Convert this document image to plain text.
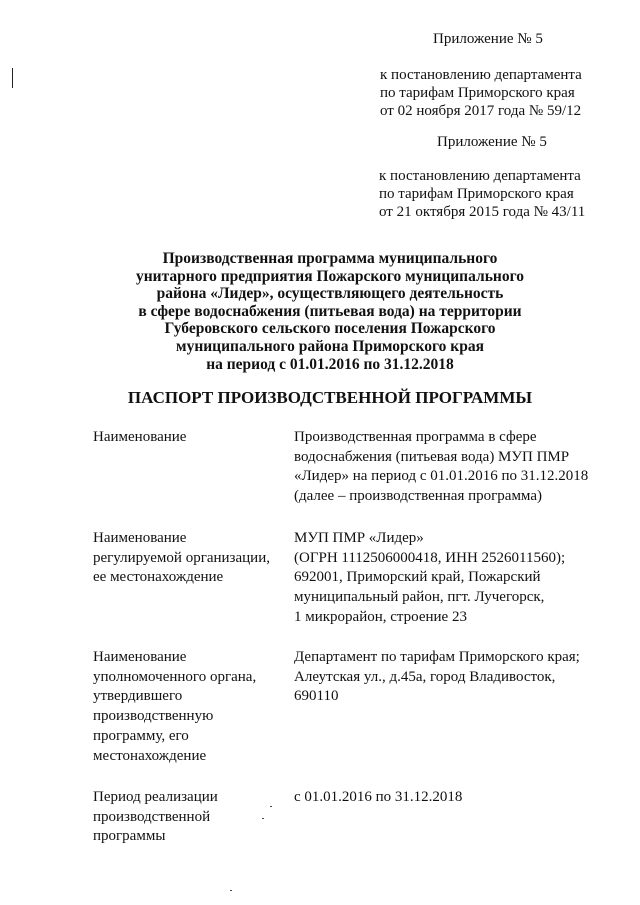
Приложение № 5
к постановлению департамента
по тарифам Приморского края
от 02 ноября 2017 года № 59/12
Приложение № 5
к постановлению департамента
по тарифам Приморского края
от 21 октября 2015 года № 43/11
Производственная программа муниципального
унитарного предприятия Пожарского муниципального
района «Лидер», осуществляющего деятельность
в сфере водоснабжения (питьевая вода) на территории
Губеровского сельского поселения Пожарского
муниципального района Приморского края
на период с 01.01.2016 по 31.12.2018
ПАСПОРТ ПРОИЗВОДСТВЕННОЙ ПРОГРАММЫ
Наименование	Производственная программа в сфере
водоснабжения (питьевая вода) МУП ПМР
«Лидер» на период с 01.01.2016 по 31.12.2018
(далее – производственная программа)
Наименование
регулируемой организации,
ее местонахождение
МУП ПМР «Лидер»
(ОГРН 1112506000418, ИНН 2526011560);
692001, Приморский край, Пожарский
муниципальный район, пгт. Лучегорск,
1 микрорайон, строение 23
Наименование
уполномоченного органа,
утвердившего
производственную
программу, его
местонахождение
Департамент по тарифам Приморского края;
Алеутская ул., д.45а, город Владивосток,
690110
Период реализации
производственной
программы
с 01.01.2016 по 31.12.2018
